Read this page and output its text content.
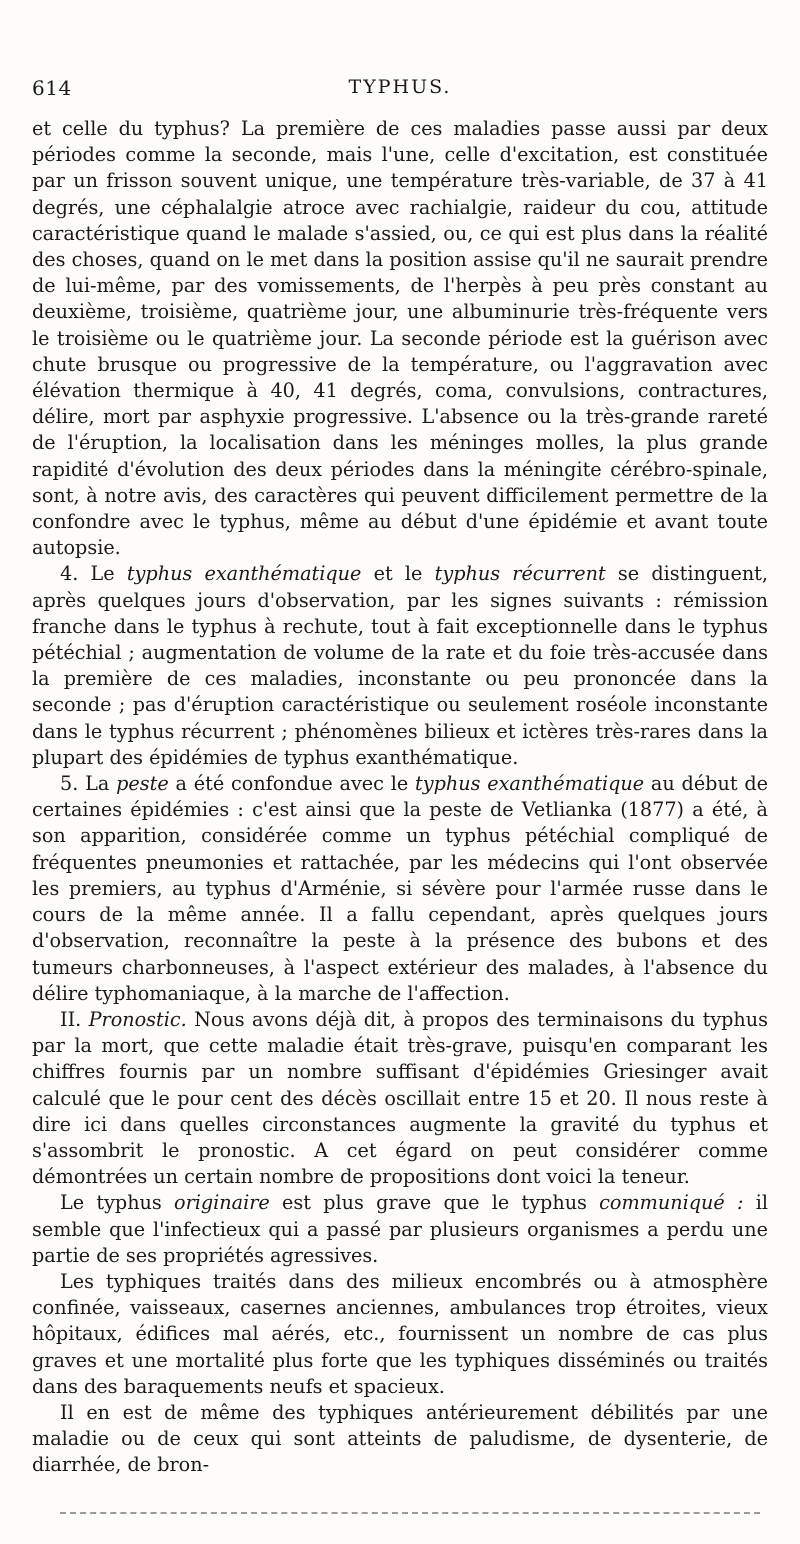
614	TYPHUS.

et celle du typhus? La première de ces maladies passe aussi par deux périodes comme la seconde, mais l'une, celle d'excitation, est constituée par un frisson souvent unique, une température très-variable, de 37 à 41 degrés, une céphalalgie atroce avec rachialgie, raideur du cou, attitude caractéristique quand le malade s'assied, ou, ce qui est plus dans la réalité des choses, quand on le met dans la position assise qu'il ne saurait prendre de lui-même, par des vomissements, de l'herpès à peu près constant au deuxième, troisième, quatrième jour, une albuminurie très-fréquente vers le troisième ou le quatrième jour. La seconde période est la guérison avec chute brusque ou progressive de la température, ou l'aggravation avec élévation thermique à 40, 41 degrés, coma, convulsions, contractures, délire, mort par asphyxie progressive. L'absence ou la très-grande rareté de l'éruption, la localisation dans les méninges molles, la plus grande rapidité d'évolution des deux périodes dans la méningite cérébro-spinale, sont, à notre avis, des caractères qui peuvent difficilement permettre de la confondre avec le typhus, même au début d'une épidémie et avant toute autopsie.

4. Le typhus exanthématique et le typhus récurrent se distinguent, après quelques jours d'observation, par les signes suivants : rémission franche dans le typhus à rechute, tout à fait exceptionnelle dans le typhus pétéchial ; augmentation de volume de la rate et du foie très-accusée dans la première de ces maladies, inconstante ou peu prononcée dans la seconde ; pas d'éruption caractéristique ou seulement roséole inconstante dans le typhus récurrent ; phénomènes bilieux et ictères très-rares dans la plupart des épidémies de typhus exanthématique.

5. La peste a été confondue avec le typhus exanthématique au début de certaines épidémies : c'est ainsi que la peste de Vetlianka (1877) a été, à son apparition, considérée comme un typhus pétéchial compliqué de fréquentes pneumonies et rattachée, par les médecins qui l'ont observée les premiers, au typhus d'Arménie, si sévère pour l'armée russe dans le cours de la même année. Il a fallu cependant, après quelques jours d'observation, reconnaître la peste à la présence des bubons et des tumeurs charbonneuses, à l'aspect extérieur des malades, à l'absence du délire typhomaniaque, à la marche de l'affection.

II. Pronostic. Nous avons déjà dit, à propos des terminaisons du typhus par la mort, que cette maladie était très-grave, puisqu'en comparant les chiffres fournis par un nombre suffisant d'épidémies Griesinger avait calculé que le pour cent des décès oscillait entre 15 et 20. Il nous reste à dire ici dans quelles circonstances augmente la gravité du typhus et s'assombrit le pronostic. A cet égard on peut considérer comme démontrées un certain nombre de propositions dont voici la teneur.

Le typhus originaire est plus grave que le typhus communiqué : il semble que l'infectieux qui a passé par plusieurs organismes a perdu une partie de ses propriétés agressives.

Les typhiques traités dans des milieux encombrés ou à atmosphère confinée, vaisseaux, casernes anciennes, ambulances trop étroites, vieux hôpitaux, édifices mal aérés, etc., fournissent un nombre de cas plus graves et une mortalité plus forte que les typhiques disséminés ou traités dans des baraquements neufs et spacieux.

Il en est de même des typhiques antérieurement débilités par une maladie ou de ceux qui sont atteints de paludisme, de dysenterie, de diarrhée, de bron-
